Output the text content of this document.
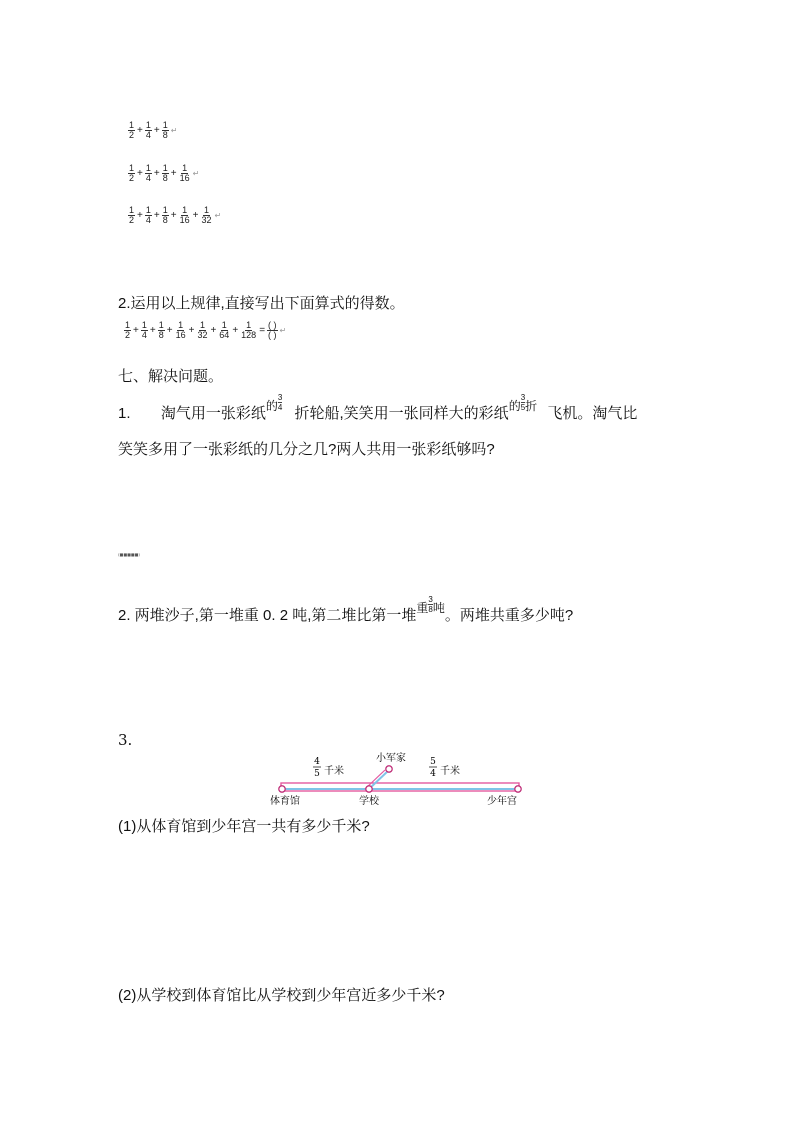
$\frac{1}{2} + \frac{1}{4} + \frac{1}{8}$ ↵
$\frac{1}{2} + \frac{1}{4} + \frac{1}{8} + \frac{1}{16}$ ↵
$\frac{1}{2} + \frac{1}{4} + \frac{1}{8} + \frac{1}{16} + \frac{1}{32}$ ↵
2.运用以上规律,直接写出下面算式的得数。
$\frac{1}{2} + \frac{1}{4} + \frac{1}{8} + \frac{1}{16} + \frac{1}{32} + \frac{1}{64} + \frac{1}{128} = \frac{( )}{( )}$ ↵
七、解决问题。
1. 淘气用一张彩纸$^的 \frac{3}{4}$
折轮船,笑笑用一张同样大的彩纸$^的 \frac{3}{5} ^折$ 飞机。淘气比
笑笑多用了一张彩纸的几分之几?两人共用一张彩纸够吗?
(■■■■■)
2. 两堆沙子,第一堆重 0. 2 吨,第二堆比第一堆$^重 \frac{3}{8} ^吨$。两堆共重多少吨?
3.
4
5 千米
5
4 千米
小军家
体育馆	学校	少年宫
(1)从体育馆到少年宫一共有多少千米?
(2)从学校到体育馆比从学校到少年宫近多少千米?
